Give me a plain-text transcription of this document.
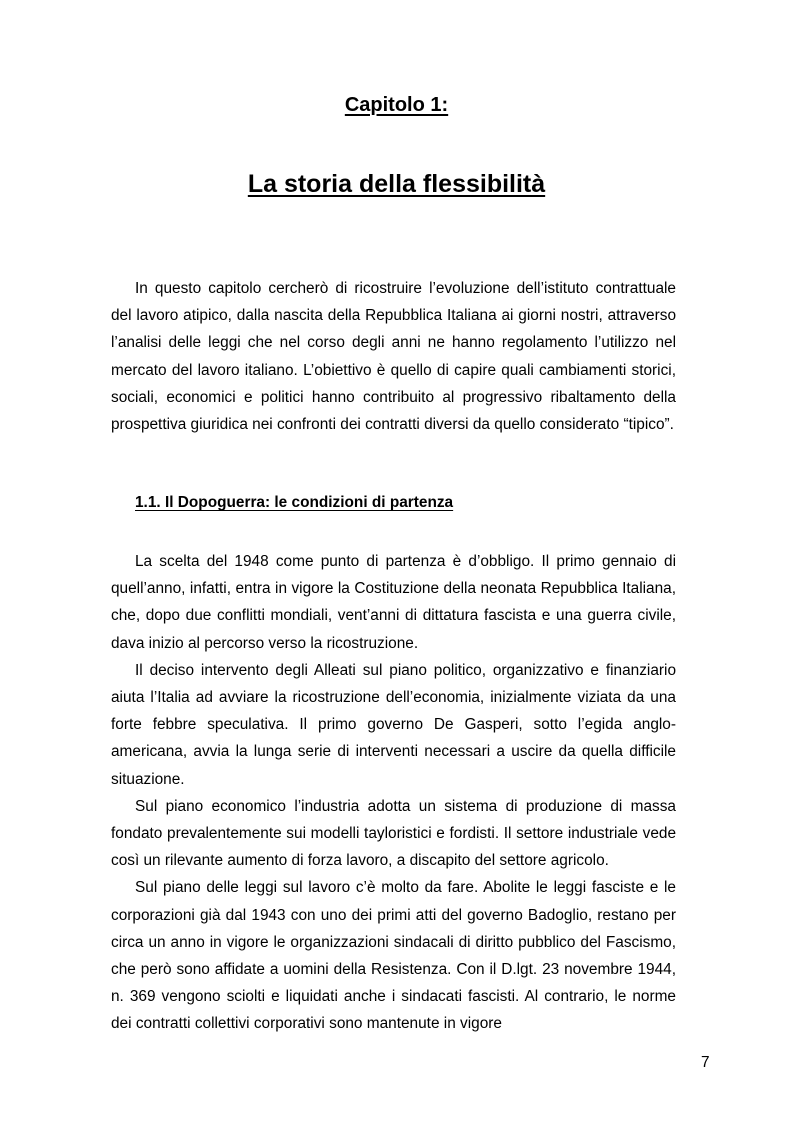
Capitolo 1:
La storia della flessibilità

In questo capitolo cercherò di ricostruire l’evoluzione dell’istituto contrattuale del lavoro atipico, dalla nascita della Repubblica Italiana ai giorni nostri, attraverso l’analisi delle leggi che nel corso degli anni ne hanno regolamento l’utilizzo nel mercato del lavoro italiano. L’obiettivo è quello di capire quali cambiamenti storici, sociali, economici e politici hanno contribuito al progressivo ribaltamento della prospettiva giuridica nei confronti dei contratti diversi da quello considerato “tipico”.

1.1. Il Dopoguerra: le condizioni di partenza

La scelta del 1948 come punto di partenza è d’obbligo. Il primo gennaio di quell’anno, infatti, entra in vigore la Costituzione della neonata Repubblica Italiana, che, dopo due conflitti mondiali, vent’anni di dittatura fascista e una guerra civile, dava inizio al percorso verso la ricostruzione.

Il deciso intervento degli Alleati sul piano politico, organizzativo e finanziario aiuta l’Italia ad avviare la ricostruzione dell’economia, inizialmente viziata da una forte febbre speculativa. Il primo governo De Gasperi, sotto l’egida anglo-americana, avvia la lunga serie di interventi necessari a uscire da quella difficile situazione.

Sul piano economico l’industria adotta un sistema di produzione di massa fondato prevalentemente sui modelli tayloristici e fordisti. Il settore industriale vede così un rilevante aumento di forza lavoro, a discapito del settore agricolo.

Sul piano delle leggi sul lavoro c’è molto da fare. Abolite le leggi fasciste e le corporazioni già dal 1943 con uno dei primi atti del governo Badoglio, restano per circa un anno in vigore le organizzazioni sindacali di diritto pubblico del Fascismo, che però sono affidate a uomini della Resistenza. Con il D.lgt. 23 novembre 1944, n. 369 vengono sciolti e liquidati anche i sindacati fascisti. Al contrario, le norme dei contratti collettivi corporativi sono mantenute in vigore

7
